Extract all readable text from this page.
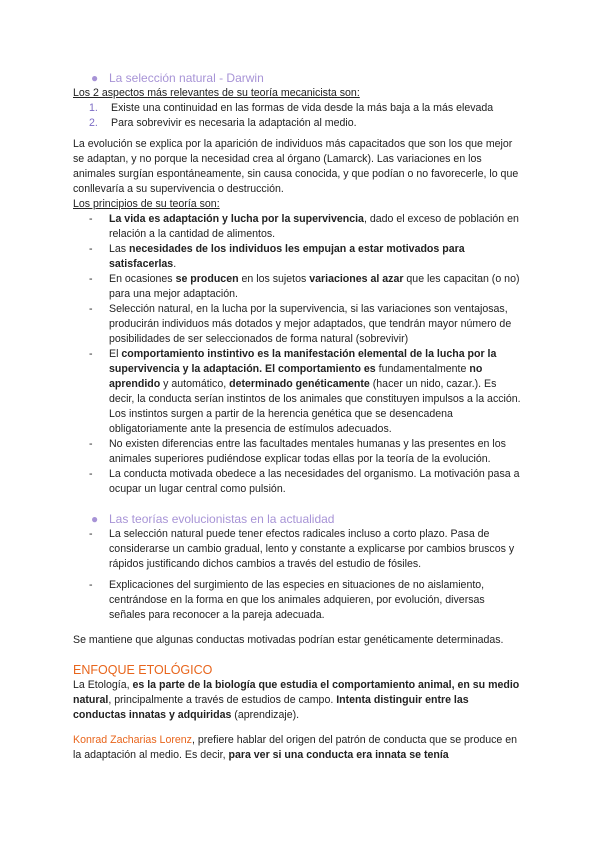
● La selección natural - Darwin

Los 2 aspectos más relevantes de su teoría mecanicista son:

1. Existe una continuidad en las formas de vida desde la más baja a la más elevada
2. Para sobrevivir es necesaria la adaptación al medio.

La evolución se explica por la aparición de individuos más capacitados que son los que mejor se adaptan, y no porque la necesidad crea al órgano (Lamarck). Las variaciones en los animales surgían espontáneamente, sin causa conocida, y que podían o no favorecerle, lo que conllevaría a su supervivencia o destrucción.

Los principios de su teoría son:

- La vida es adaptación y lucha por la supervivencia, dado el exceso de población en relación a la cantidad de alimentos.
- Las necesidades de los individuos les empujan a estar motivados para satisfacerlas.
- En ocasiones se producen en los sujetos variaciones al azar que les capacitan (o no) para una mejor adaptación.
- Selección natural, en la lucha por la supervivencia, si las variaciones son ventajosas, producirán individuos más dotados y mejor adaptados, que tendrán mayor número de posibilidades de ser seleccionados de forma natural (sobrevivir)
- El comportamiento instintivo es la manifestación elemental de la lucha por la supervivencia y la adaptación. El comportamiento es fundamentalmente no aprendido y automático, determinado genéticamente (hacer un nido, cazar.). Es decir, la conducta serían instintos de los animales que constituyen impulsos a la acción. Los instintos surgen a partir de la herencia genética que se desencadena obligatoriamente ante la presencia de estímulos adecuados.
- No existen diferencias entre las facultades mentales humanas y las presentes en los animales superiores pudiéndose explicar todas ellas por la teoría de la evolución.
- La conducta motivada obedece a las necesidades del organismo. La motivación pasa a ocupar un lugar central como pulsión.

● Las teorías evolucionistas en la actualidad

- La selección natural puede tener efectos radicales incluso a corto plazo. Pasa de considerarse un cambio gradual, lento y constante a explicarse por cambios bruscos y rápidos justificando dichos cambios a través del estudio de fósiles.
- Explicaciones del surgimiento de las especies en situaciones de no aislamiento, centrándose en la forma en que los animales adquieren, por evolución, diversas señales para reconocer a la pareja adecuada.

Se mantiene que algunas conductas motivadas podrían estar genéticamente determinadas.

ENFOQUE ETOLÓGICO

La Etología, es la parte de la biología que estudia el comportamiento animal, en su medio natural, principalmente a través de estudios de campo. Intenta distinguir entre las conductas innatas y adquiridas (aprendizaje).

Konrad Zacharias Lorenz, prefiere hablar del origen del patrón de conducta que se produce en la adaptación al medio. Es decir, para ver si una conducta era innata se tenía
